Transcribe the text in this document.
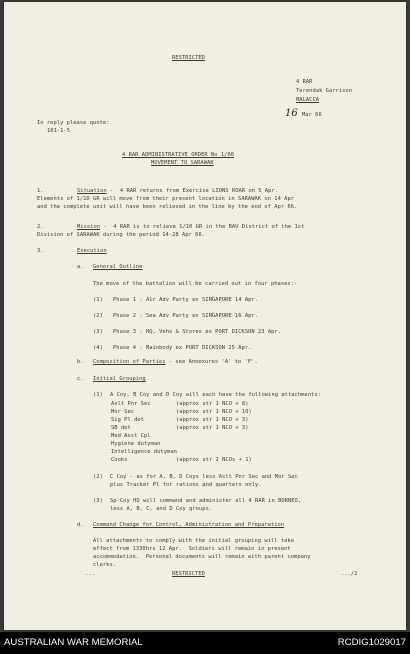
RESTRICTED
4 RAR
Terendak Garrison
MALACCA
16 Mar 66
In reply please quote:
101-1-5
4 RAR ADMINISTRATIVE ORDER No 1/66
MOVEMENT TO SARAWAK
1.	Situation -  4 RAR returns from Exercise LIONS ROAR on 5 Apr.
Elements of 1/10 GR will move from their present location in SARAWAK on 14 Apr
and the complete unit will have been relieved in the line by the end of Apr 66.
2.	Mission -  4 RAR is to relieve 1/10 GR in the BAU District of the 1st
Division of SARAWAK during the period 14-28 Apr 66.
3.	Execution
a. General Outline
The move of the battalion will be carried out in four phases:-
(1) Phase 1 : Air Adv Party ex SINGAPORE 14 Apr.
(2) Phase 2 : Sea Adv Party ex SINGAPORE 16 Apr.
(3) Phase 3 : HQ, Vehs & Stores ex PORT DICKSON 23 Apr.
(4) Phase 4 : Mainbody ex PORT DICKSON 25 Apr.
b. Composition of Parties - see Annexures 'A' to 'F'.
c. Initial Grouping
(1) A Coy, B Coy and D Coy will each have the following attachments:
Aslt Pnr Sec	(approx str 1 NCO + 8)
Mor Sec	(approx str 1 NCO + 10)
Sig Pl det	(approx str 1 NCO + 3)
SB det	(approx str 1 NCO + 3)
Med Asst Cpl
Hygiene dutyman
Intelligence dutyman
Cooks	(approx str 2 NCOs + 1)
(2) C Coy - as for A, B, D Coys less Aslt Pnr Sec and Mor Sec
plus Tracker Pl for rations and quarters only.
(3) Sp Coy HQ will command and administer all 4 RAR in BORNEO,
less A, B, C, and D Coy groups.
d. Command Change for Control, Administration and Preparation
All attachments to comply with the initial grouping will take
effect from 1330hrs 12 Apr.  Soldiers will remain in present
accommodation.  Personal documents will remain with parent company
clerks.
...	RESTRICTED	.../2
AUSTRALIAN WAR MEMORIAL	RCDIG1029017
